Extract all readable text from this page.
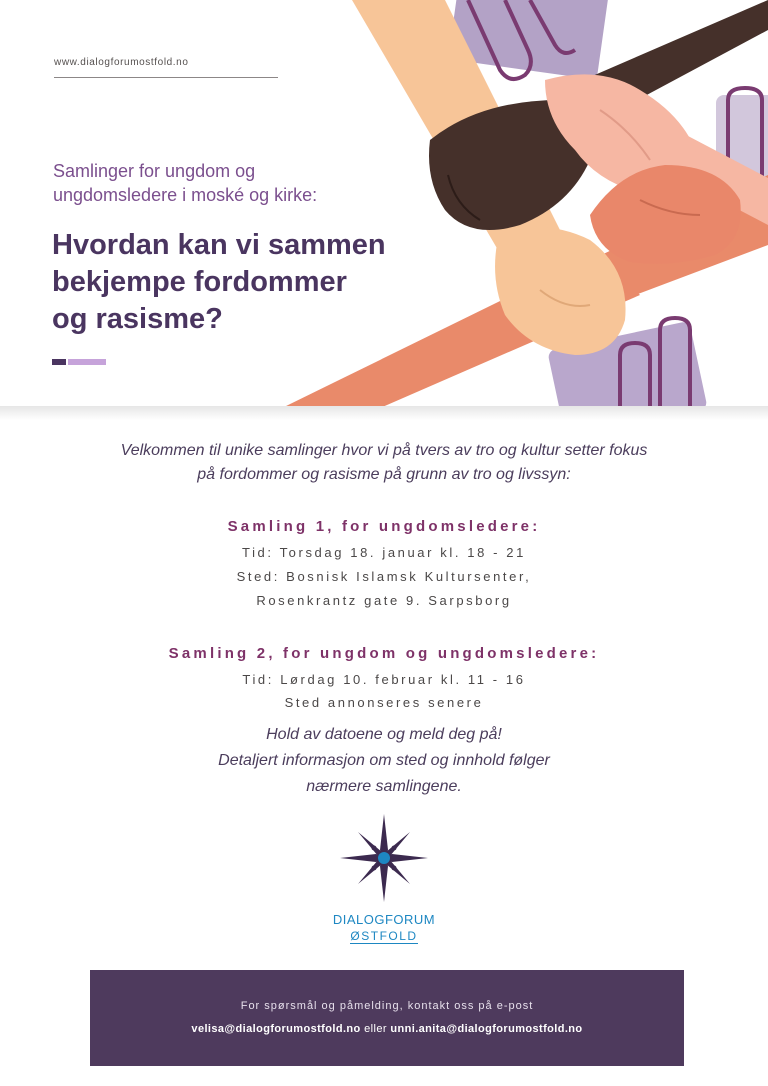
www.dialogforumostfold.no
Samlinger for ungdom og
ungdomsledere i moské og kirke:
Hvordan kan vi sammen
bekjempe fordommer
og rasisme?
Velkommen til unike samlinger hvor vi på tvers av tro og kultur setter fokus
på fordommer og rasisme på grunn av tro og livssyn:
Samling 1, for ungdomsledere:
Tid: Torsdag 18. januar kl. 18 - 21
Sted: Bosnisk Islamsk Kultursenter,
Rosenkrantz gate 9. Sarpsborg
Samling 2, for ungdom og ungdomsledere:
Tid: Lørdag 10. februar kl. 11 - 16
Sted annonseres senere
Hold av datoene og meld deg på!
Detaljert informasjon om sted og innhold følger
nærmere samlingene.
DIALOGFORUM
ØSTFOLD
For spørsmål og påmelding, kontakt oss på e-post
velisa@dialogforumostfold.no eller unni.anita@dialogforumostfold.no
